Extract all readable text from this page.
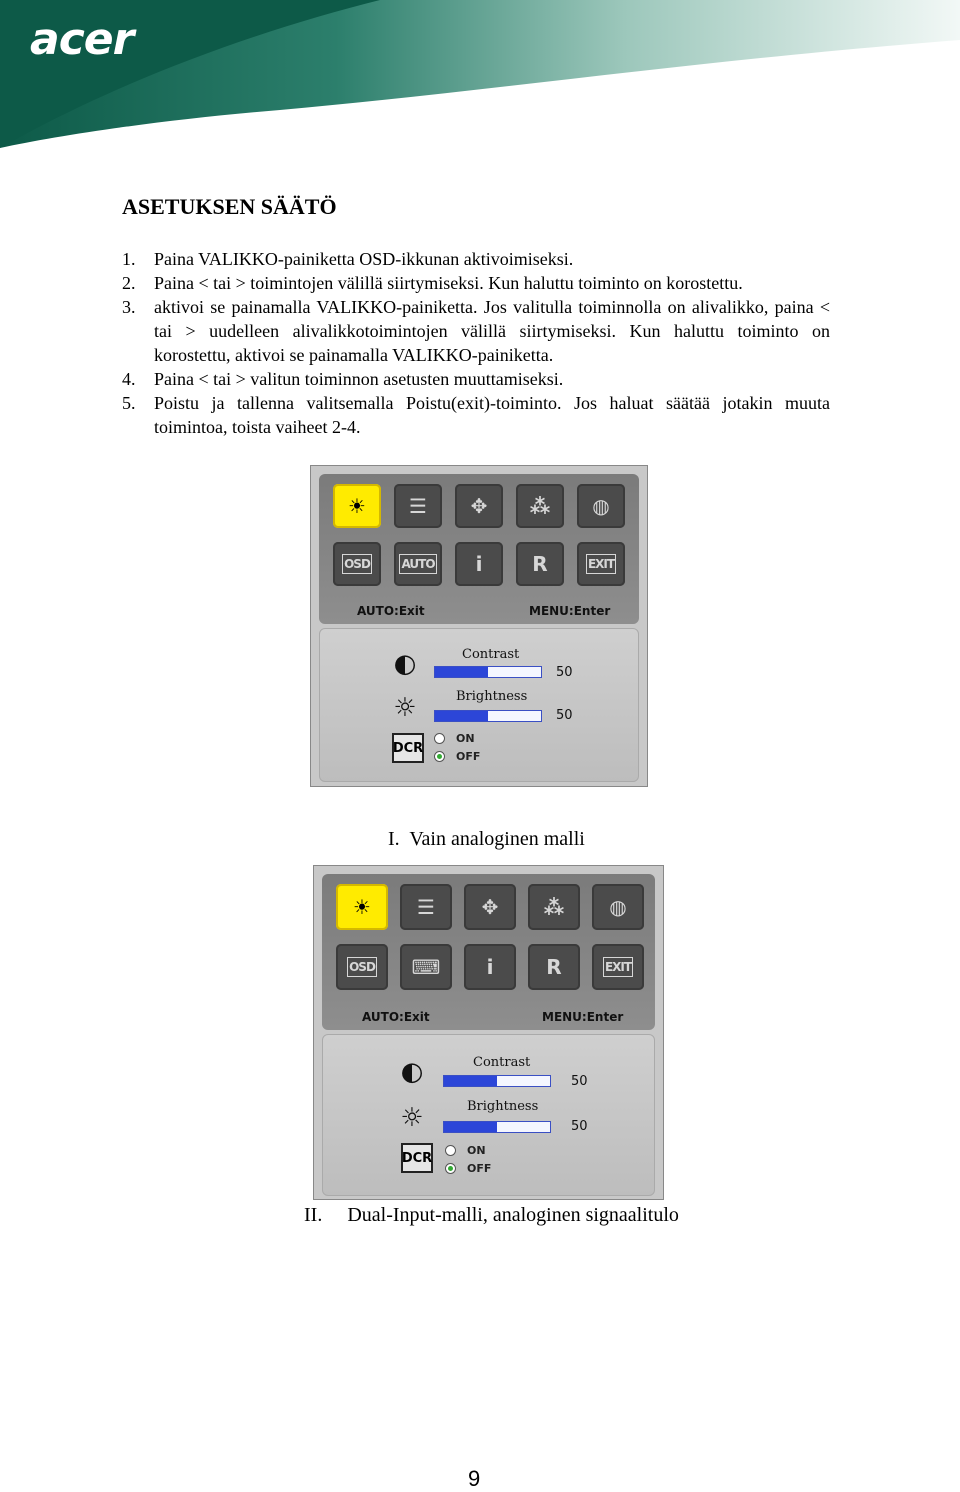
acer
ASETUKSEN SÄÄTÖ
1.	Paina VALIKKO-painiketta OSD-ikkunan aktivoimiseksi.
2.	Paina < tai > toimintojen välillä siirtymiseksi. Kun haluttu toiminto on korostettu.
3.	aktivoi se painamalla VALIKKO-painiketta. Jos valitulla toiminnolla on alivalikko, paina < tai > uudelleen alivalikkotoimintojen välillä siirtymiseksi. Kun haluttu toiminto on korostettu, aktivoi se painamalla VALIKKO-painiketta.
4.	Paina < tai > valitun toiminnon asetusten muuttamiseksi.
5.	Poistu ja tallenna valitsemalla Poistu(exit)-toiminto. Jos haluat säätää jotakin muuta toimintoa, toista vaiheet 2-4.
☀	☰	✥	⁂	◍
OSD	AUTO i R	EXIT
AUTO:Exit	MENU:Enter
◐	Contrast
50
☼	Brightness
50
DCR
ON
OFF
I. Vain analoginen malli
☀	☰	✥	⁂	◍
OSD	⌨	i	R	EXIT
AUTO:Exit	MENU:Enter
◐	Contrast
50
☼	Brightness
50
DCR	ON
OFF
II. Dual-Input-malli, analoginen signaalitulo
9
